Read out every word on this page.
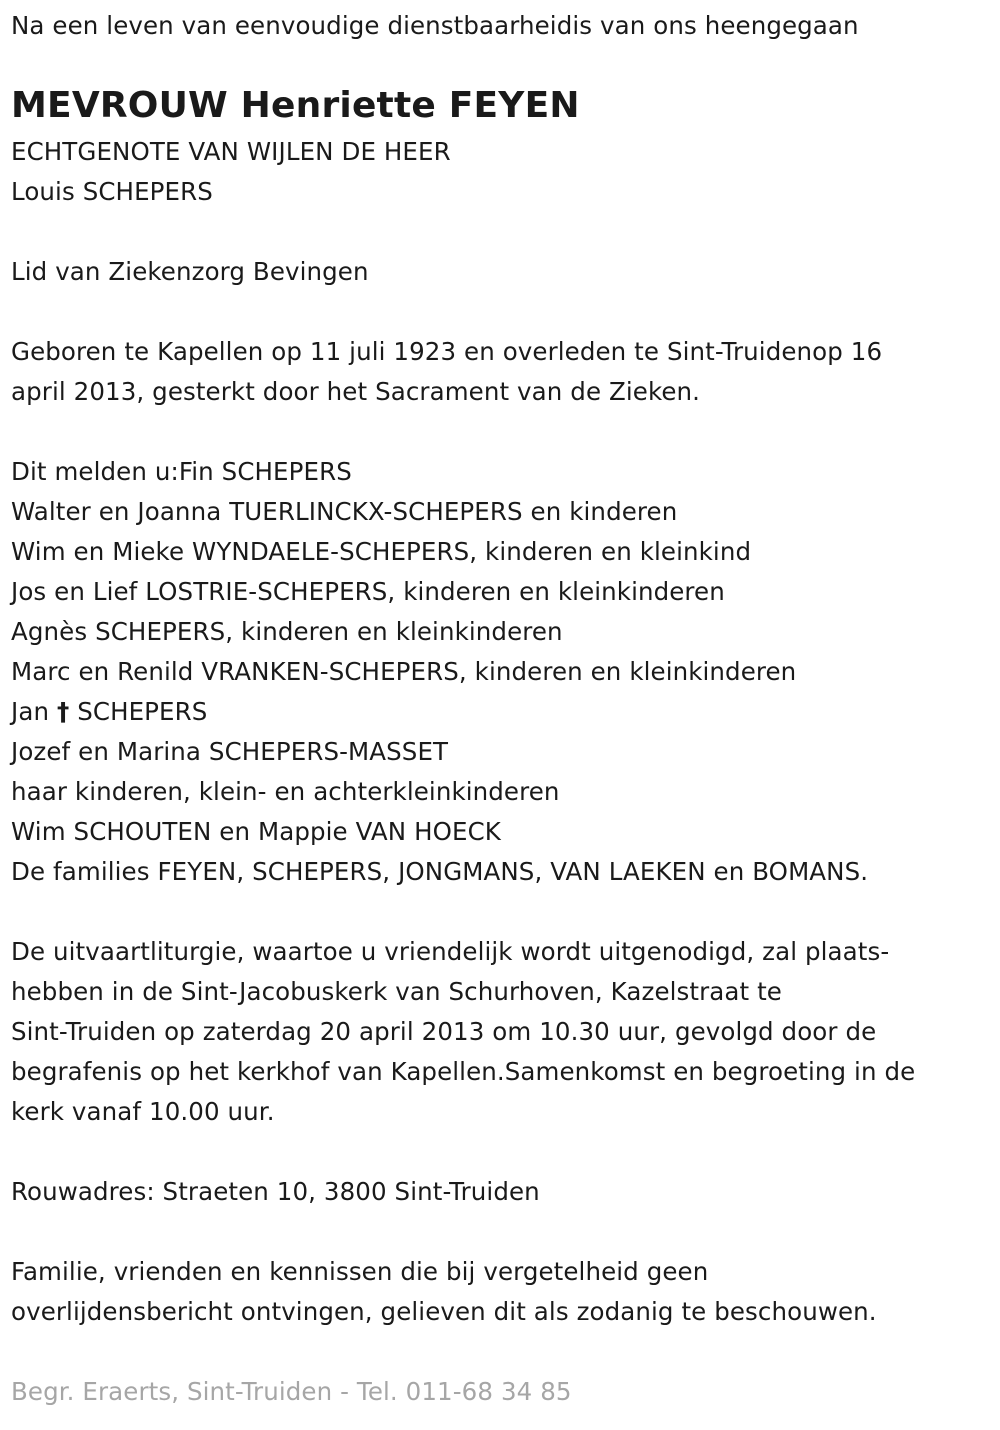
Na een leven van eenvoudige dienstbaarheidis van ons heengegaan
MEVROUW Henriette FEYEN
ECHTGENOTE VAN WIJLEN DE HEER
Louis SCHEPERS
Lid van Ziekenzorg Bevingen
Geboren te Kapellen op 11 juli 1923 en overleden te Sint-Truidenop 16
april 2013, gesterkt door het Sacrament van de Zieken.
Dit melden u:Fin SCHEPERS
Walter en Joanna TUERLINCKX-SCHEPERS en kinderen
Wim en Mieke WYNDAELE-SCHEPERS, kinderen en kleinkind
Jos en Lief LOSTRIE-SCHEPERS, kinderen en kleinkinderen
Agnès SCHEPERS, kinderen en kleinkinderen
Marc en Renild VRANKEN-SCHEPERS, kinderen en kleinkinderen
Jan † SCHEPERS
Jozef en Marina SCHEPERS-MASSET
haar kinderen, klein- en achterkleinkinderen
Wim SCHOUTEN en Mappie VAN HOECK
De families FEYEN, SCHEPERS, JONGMANS, VAN LAEKEN en BOMANS.
De uitvaartliturgie, waartoe u vriendelijk wordt uitgenodigd, zal plaats-
hebben in de Sint-Jacobuskerk van Schurhoven, Kazelstraat te
Sint-Truiden op zaterdag 20 april 2013 om 10.30 uur, gevolgd door de
begrafenis op het kerkhof van Kapellen.Samenkomst en begroeting in de
kerk vanaf 10.00 uur.
Rouwadres: Straeten 10, 3800 Sint-Truiden
Familie, vrienden en kennissen die bij vergetelheid geen
overlijdensbericht ontvingen, gelieven dit als zodanig te beschouwen.
Begr. Eraerts, Sint-Truiden - Tel. 011-68 34 85
